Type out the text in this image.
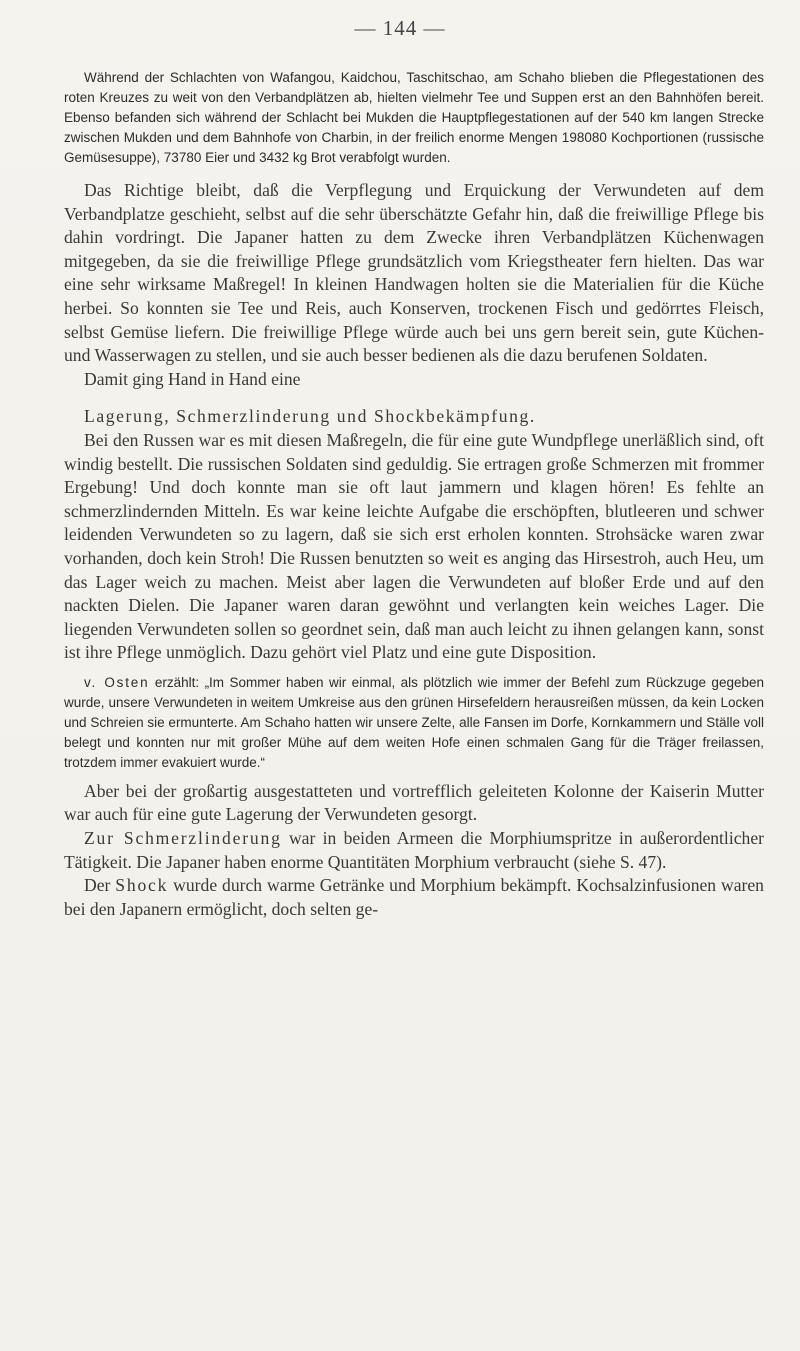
— 144 —

Während der Schlachten von Wafangou, Kaidchou, Taschitschao, am Schaho blieben die Pflegestationen des roten Kreuzes zu weit von den Verbandplätzen ab, hielten vielmehr Tee und Suppen erst an den Bahnhöfen bereit. Ebenso befanden sich während der Schlacht bei Mukden die Hauptpflegestationen auf der 540 km langen Strecke zwischen Mukden und dem Bahnhofe von Charbin, in der freilich enorme Mengen 198080 Kochportionen (russische Gemüsesuppe), 73780 Eier und 3432 kg Brot verabfolgt wurden.

Das Richtige bleibt, daß die Verpflegung und Erquickung der Verwundeten auf dem Verbandplatze geschieht, selbst auf die sehr überschätzte Gefahr hin, daß die freiwillige Pflege bis dahin vordringt. Die Japaner hatten zu dem Zwecke ihren Verbandplätzen Küchenwagen mitgegeben, da sie die freiwillige Pflege grundsätzlich vom Kriegstheater fern hielten. Das war eine sehr wirksame Maßregel! In kleinen Handwagen holten sie die Materialien für die Küche herbei. So konnten sie Tee und Reis, auch Konserven, trockenen Fisch und gedörrtes Fleisch, selbst Gemüse liefern. Die freiwillige Pflege würde auch bei uns gern bereit sein, gute Küchen- und Wasserwagen zu stellen, und sie auch besser bedienen als die dazu berufenen Soldaten.

Damit ging Hand in Hand eine

Lagerung, Schmerzlinderung und Shockbekämpfung.

Bei den Russen war es mit diesen Maßregeln, die für eine gute Wundpflege unerläßlich sind, oft windig bestellt. Die russischen Soldaten sind geduldig. Sie ertragen große Schmerzen mit frommer Ergebung! Und doch konnte man sie oft laut jammern und klagen hören! Es fehlte an schmerzlindernden Mitteln. Es war keine leichte Aufgabe die erschöpften, blutleeren und schwer leidenden Verwundeten so zu lagern, daß sie sich erst erholen konnten. Strohsäcke waren zwar vorhanden, doch kein Stroh! Die Russen benutzten so weit es anging das Hirsestroh, auch Heu, um das Lager weich zu machen. Meist aber lagen die Verwundeten auf bloßer Erde und auf den nackten Dielen. Die Japaner waren daran gewöhnt und verlangten kein weiches Lager. Die liegenden Verwundeten sollen so geordnet sein, daß man auch leicht zu ihnen gelangen kann, sonst ist ihre Pflege unmöglich. Dazu gehört viel Platz und eine gute Disposition.

v. Osten erzählt: „Im Sommer haben wir einmal, als plötzlich wie immer der Befehl zum Rückzuge gegeben wurde, unsere Verwundeten in weitem Umkreise aus den grünen Hirsefeldern herausreißen müssen, da kein Locken und Schreien sie ermunterte. Am Schaho hatten wir unsere Zelte, alle Fansen im Dorfe, Kornkammern und Ställe voll belegt und konnten nur mit großer Mühe auf dem weiten Hofe einen schmalen Gang für die Träger freilassen, trotzdem immer evakuiert wurde.“

Aber bei der großartig ausgestatteten und vortrefflich geleiteten Kolonne der Kaiserin Mutter war auch für eine gute Lagerung der Verwundeten gesorgt.

Zur Schmerzlinderung war in beiden Armeen die Morphiumspritze in außerordentlicher Tätigkeit. Die Japaner haben enorme Quantitäten Morphium verbraucht (siehe S. 47).

Der Shock wurde durch warme Getränke und Morphium bekämpft. Kochsalzinfusionen waren bei den Japanern ermöglicht, doch selten ge-
